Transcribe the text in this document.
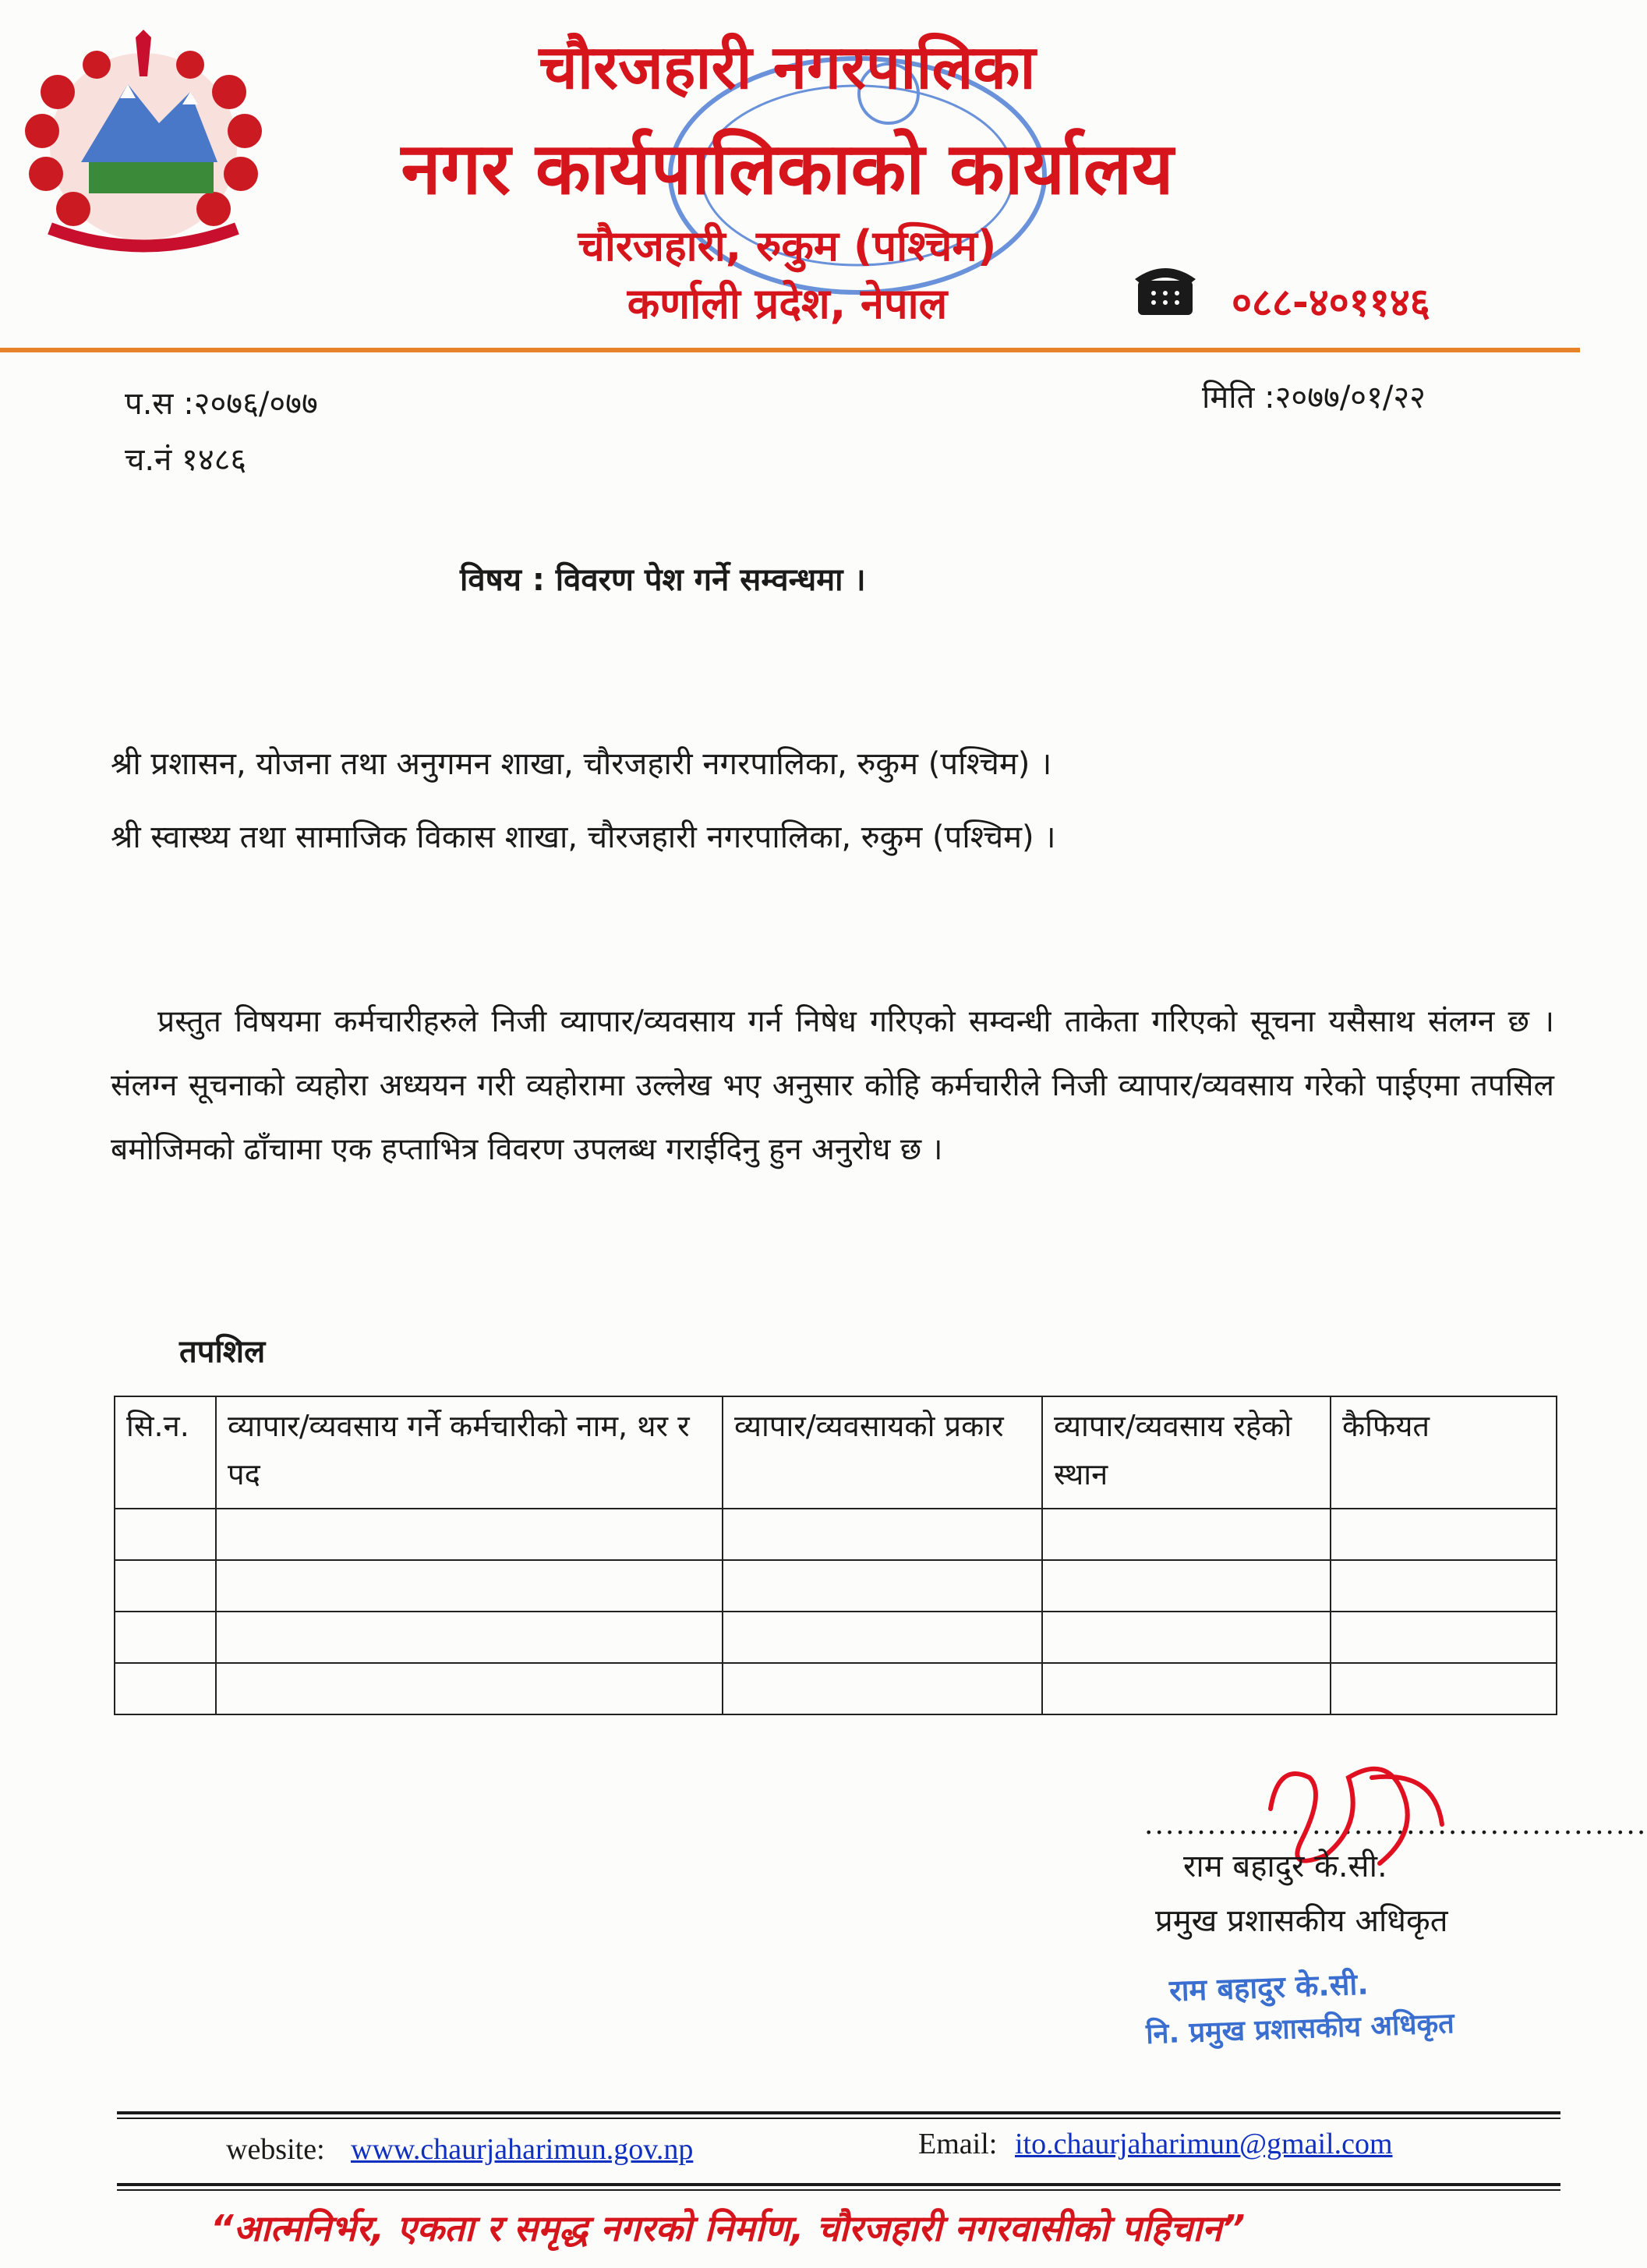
चौरजहारी नगरपालिका
नगर कार्यपालिकाको कार्यालय
चौरजहारी, रुकुम (पश्चिम)
कर्णाली प्रदेश, नेपाल	०८८-४०११४६
प.स :२०७६/०७७
च.नं १४८६
मिति :२०७७/०१/२२
विषय : विवरण पेश गर्ने सम्वन्धमा ।
श्री प्रशासन, योजना तथा अनुगमन शाखा, चौरजहारी नगरपालिका, रुकुम (पश्चिम) ।
श्री स्वास्थ्य तथा सामाजिक विकास शाखा, चौरजहारी नगरपालिका, रुकुम (पश्चिम) ।
प्रस्तुत विषयमा कर्मचारीहरुले निजी व्यापार/व्यवसाय गर्न निषेध गरिएको सम्वन्धी ताकेता गरिएको सूचना यसैसाथ संलग्न छ । संलग्न सूचनाको व्यहोरा अध्ययन गरी व्यहोरामा उल्लेख भए अनुसार कोहि कर्मचारीले निजी व्यापार/व्यवसाय गरेको पाईएमा तपसिल बमोजिमको ढाँचामा एक हप्ताभित्र विवरण उपलब्ध गराईदिनु हुन अनुरोध छ ।
तपशिल
सि.न.	व्यापार/व्यवसाय गर्ने कर्मचारीको नाम, थर र पद	व्यापार/व्यवसायको प्रकार	व्यापार/व्यवसाय रहेको स्थान	कैफियत

................................................
राम बहादुर के.सी.
प्रमुख प्रशासकीय अधिकृत
राम बहादुर के.सी.
नि. प्रमुख प्रशासकीय अधिकृत
website: www.chaurjaharimun.gov.np	Email: ito.chaurjaharimun@gmail.com
“आत्मनिर्भर, एकता र समृद्ध नगरको निर्माण, चौरजहारी नगरवासीको पहिचान”
